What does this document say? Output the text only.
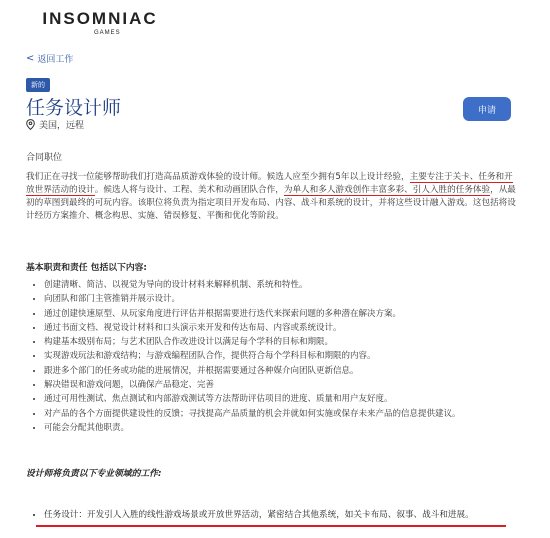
INSOMNIAC
GAMES
< 返回工作
新的
任务设计师
美国，远程
申请
合同职位
我们正在寻找一位能够帮助我们打造高品质游戏体验的设计师。候选人应至少拥有5年以上设计经验，主要专注于关卡、任务和开放世界活动的设计。候选人将与设计、工程、美术和动画团队合作，为单人和多人游戏创作丰富多彩、引人入胜的任务体验，从最初的草图到最终的可玩内容。该职位将负责为指定项目开发布局、内容、战斗和系统的设计，并将这些设计融入游戏。这包括将设计经历方案推介、概念构思、实施、错误修复、平衡和优化等阶段。
基本职责和责任 包括以下内容:
• 创建清晰、简洁、以视觉为导向的设计材料来解释机制、系统和特性。
• 向团队和部门主管推销并展示设计。
• 通过创建快速原型、从玩家角度进行评估并根据需要进行迭代来探索问题的多种潜在解决方案。
• 通过书面文档、视觉设计材料和口头演示来开发和传达布局、内容或系统设计。
• 构建基本级别布局；与艺术团队合作改进设计以满足每个学科的目标和期限。
• 实现游戏玩法和游戏结构；与游戏编程团队合作，提供符合每个学科目标和期限的内容。
• 跟进多个部门的任务或功能的进展情况，并根据需要通过各种媒介向团队更新信息。
• 解决错误和游戏问题，以确保产品稳定、完善
• 通过可用性测试、焦点测试和内部游戏测试等方法帮助评估项目的进度、质量和用户友好度。
• 对产品的各个方面提供建设性的反馈；寻找提高产品质量的机会并就如何实施或保存未来产品的信息提供建议。
• 可能会分配其他职责。
设计师将负责以下专业领域的工作:
• 任务设计：开发引人入胜的线性游戏场景或开放世界活动，紧密结合其他系统，如关卡布局、叙事、战斗和进展。
